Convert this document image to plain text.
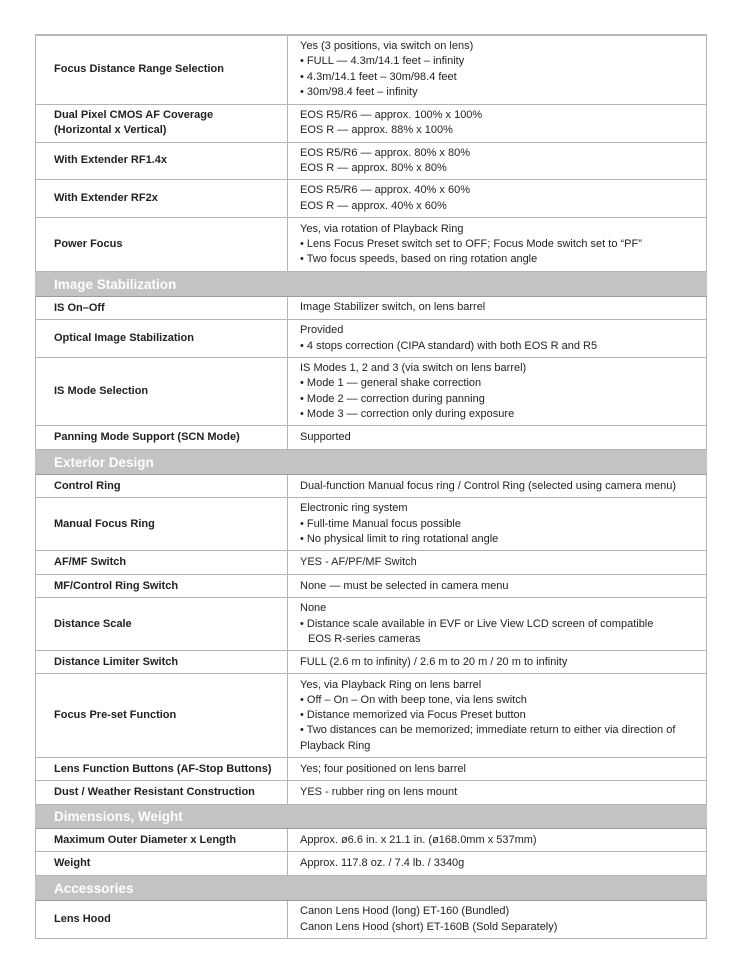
Focus Distance Range Selection	Yes (3 positions, via switch on lens)
• FULL — 4.3m/14.1 feet – infinity
• 4.3m/14.1 feet – 30m/98.4 feet
• 30m/98.4 feet – infinity

Dual Pixel CMOS AF Coverage
(Horizontal x Vertical)	EOS R5/R6 — approx. 100% x 100%
EOS R — approx. 88% x 100%

With Extender RF1.4x	EOS R5/R6 — approx. 80% x 80%
EOS R — approx. 80% x 80%

With Extender RF2x	EOS R5/R6 — approx. 40% x 60%
EOS R — approx. 40% x 60%

Power Focus	Yes, via rotation of Playback Ring
• Lens Focus Preset switch set to OFF; Focus Mode switch set to “PF”
• Two focus speeds, based on ring rotation angle

Image Stabilization	
IS On–Off	Image Stabilizer switch, on lens barrel

Optical Image Stabilization	Provided
• 4 stops correction (CIPA standard) with both EOS R and R5

IS Mode Selection	IS Modes 1, 2 and 3 (via switch on lens barrel)
• Mode 1 — general shake correction
• Mode 2 — correction during panning
• Mode 3 — correction only during exposure

Panning Mode Support (SCN Mode)	Supported

Exterior Design	
Control Ring	Dual-function Manual focus ring / Control Ring (selected using camera menu)

Manual Focus Ring	Electronic ring system
• Full-time Manual focus possible
• No physical limit to ring rotational angle

AF/MF Switch	YES - AF/PF/MF Switch

MF/Control Ring Switch	None — must be selected in camera menu

Distance Scale	None
• Distance scale available in EVF or Live View LCD screen of compatible
EOS R-series cameras

Distance Limiter Switch	FULL (2.6 m to infinity) / 2.6 m to 20 m / 20 m to infinity

Focus Pre-set Function	Yes, via Playback Ring on lens barrel
• Off – On – On with beep tone, via lens switch
• Distance memorized via Focus Preset button
• Two distances can be memorized; immediate return to either via direction of
Playback Ring

Lens Function Buttons (AF-Stop Buttons)	Yes; four positioned on lens barrel

Dust / Weather Resistant Construction	YES - rubber ring on lens mount

Dimensions, Weight	
Maximum Outer Diameter x Length	Approx. ø6.6 in. x 21.1 in. (ø168.0mm x 537mm)

Weight	Approx. 117.8 oz. / 7.4 lb. / 3340g

Accessories	
Lens Hood	Canon Lens Hood (long) ET-160 (Bundled)
Canon Lens Hood (short) ET-160B (Sold Separately)
